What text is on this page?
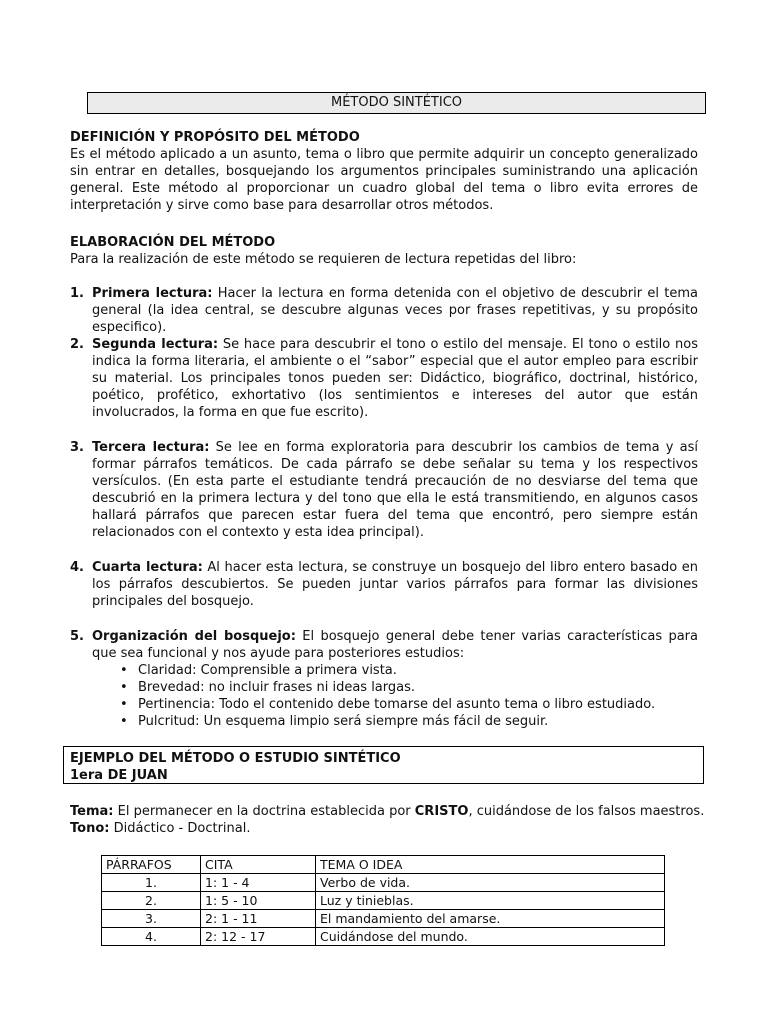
MÉTODO SINTÉTICO
DEFINICIÓN Y PROPÓSITO DEL MÉTODO
Es el método aplicado a un asunto, tema o libro que permite adquirir un concepto generalizado sin entrar en detalles, bosquejando los argumentos principales suministrando una aplicación general. Este método al proporcionar un cuadro global del tema o libro evita errores de interpretación y sirve como base para desarrollar otros métodos.
ELABORACIÓN DEL MÉTODO
Para la realización de este método se requieren de lectura repetidas del libro:
1. Primera lectura: Hacer la lectura en forma detenida con el objetivo de descubrir el tema general (la idea central, se descubre algunas veces por frases repetitivas, y su propósito especifico).
2. Segunda lectura: Se hace para descubrir el tono o estilo del mensaje. El tono o estilo nos indica la forma literaria, el ambiente o el “sabor” especial que el autor empleo para escribir su material. Los principales tonos pueden ser: Didáctico, biográfico, doctrinal, histórico, poético, profético, exhortativo (los sentimientos e intereses del autor que están involucrados, la forma en que fue escrito).
3. Tercera lectura: Se lee en forma exploratoria para descubrir los cambios de tema y así formar párrafos temáticos. De cada párrafo se debe señalar su tema y los respectivos versículos. (En esta parte el estudiante tendrá precaución de no desviarse del tema que descubrió en la primera lectura y del tono que ella le está transmitiendo, en algunos casos hallará párrafos que parecen estar fuera del tema que encontró, pero siempre están relacionados con el contexto y esta idea principal).
4. Cuarta lectura: Al hacer esta lectura, se construye un bosquejo del libro entero basado en los párrafos descubiertos. Se pueden juntar varios párrafos para formar las divisiones principales del bosquejo.
5. Organización del bosquejo: El bosquejo general debe tener varias características para que sea funcional y nos ayude para posteriores estudios:
• Claridad: Comprensible a primera vista.
• Brevedad: no incluir frases ni ideas largas.
• Pertinencia: Todo el contenido debe tomarse del asunto tema o libro estudiado.
• Pulcritud: Un esquema limpio será siempre más fácil de seguir.
EJEMPLO DEL MÉTODO O ESTUDIO SINTÉTICO
1era DE JUAN
Tema: El permanecer en la doctrina establecida por CRISTO, cuidándose de los falsos maestros.
Tono: Didáctico - Doctrinal.
PÁRRAFOS	CITA	TEMA O IDEA
1.	1: 1 - 4	Verbo de vida.
2.	1: 5 - 10	Luz y tinieblas.
3.	2: 1 - 11	El mandamiento del amarse.
4.	2: 12 - 17	Cuidándose del mundo.
